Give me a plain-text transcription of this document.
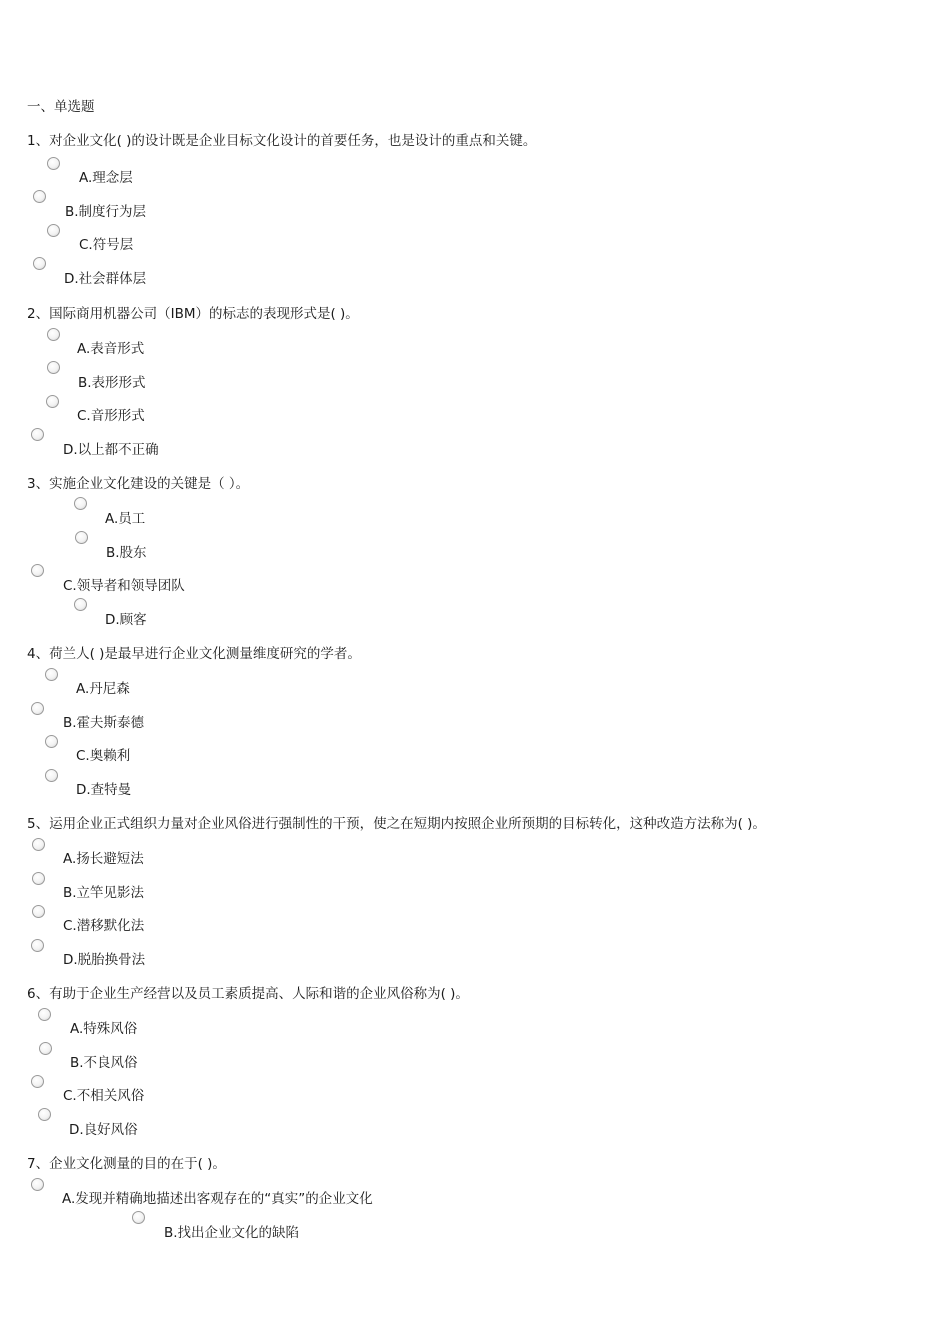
一、单选题
1、对企业文化( )的设计既是企业目标文化设计的首要任务，也是设计的重点和关键。
A.理念层
B.制度行为层
C.符号层
D.社会群体层
2、国际商用机器公司（IBM）的标志的表现形式是( )。
A.表音形式
B.表形形式
C.音形形式
D.以上都不正确
3、实施企业文化建设的关键是（ ）。
A.员工
B.股东
C.领导者和领导团队
D.顾客
4、荷兰人( )是最早进行企业文化测量维度研究的学者。
A.丹尼森
B.霍夫斯泰德
C.奥赖利
D.查特曼
5、运用企业正式组织力量对企业风俗进行强制性的干预，使之在短期内按照企业所预期的目标转化，这种改造方法称为( )。
A.扬长避短法
B.立竿见影法
C.潜移默化法
D.脱胎换骨法
6、有助于企业生产经营以及员工素质提高、人际和谐的企业风俗称为( )。
A.特殊风俗
B.不良风俗
C.不相关风俗
D.良好风俗
7、企业文化测量的目的在于( )。
A.发现并精确地描述出客观存在的“真实”的企业文化
B.找出企业文化的缺陷
